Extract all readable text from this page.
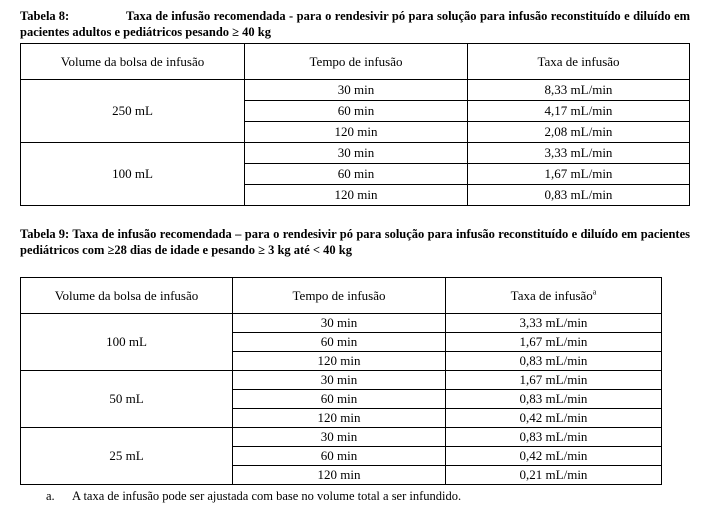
Tabela 8:	Taxa de infusão recomendada - para o rendesivir pó para solução para infusão reconstituído e diluído em pacientes adultos e pediátricos pesando ≥ 40 kg
Volume da bolsa de infusão	Tempo de infusão	Taxa de infusão
250 mL	30 min	8,33 mL/min
	60 min	4,17 mL/min
	120 min	2,08 mL/min
100 mL	30 min	3,33 mL/min
	60 min	1,67 mL/min
	120 min	0,83 mL/min
Tabela 9: Taxa de infusão recomendada – para o rendesivir pó para solução para infusão reconstituído e diluído em pacientes pediátricos com ≥28 dias de idade e pesando ≥ 3 kg até < 40 kg
Volume da bolsa de infusão	Tempo de infusão	Taxa de infusão$^a$
100 mL	30 min	3,33 mL/min
	60 min	1,67 mL/min
	120 min	0,83 mL/min
50 mL	30 min	1,67 mL/min
	60 min	0,83 mL/min
	120 min	0,42 mL/min
25 mL	30 min	0,83 mL/min
	60 min	0,42 mL/min
	120 min	0,21 mL/min
a. A taxa de infusão pode ser ajustada com base no volume total a ser infundido.
